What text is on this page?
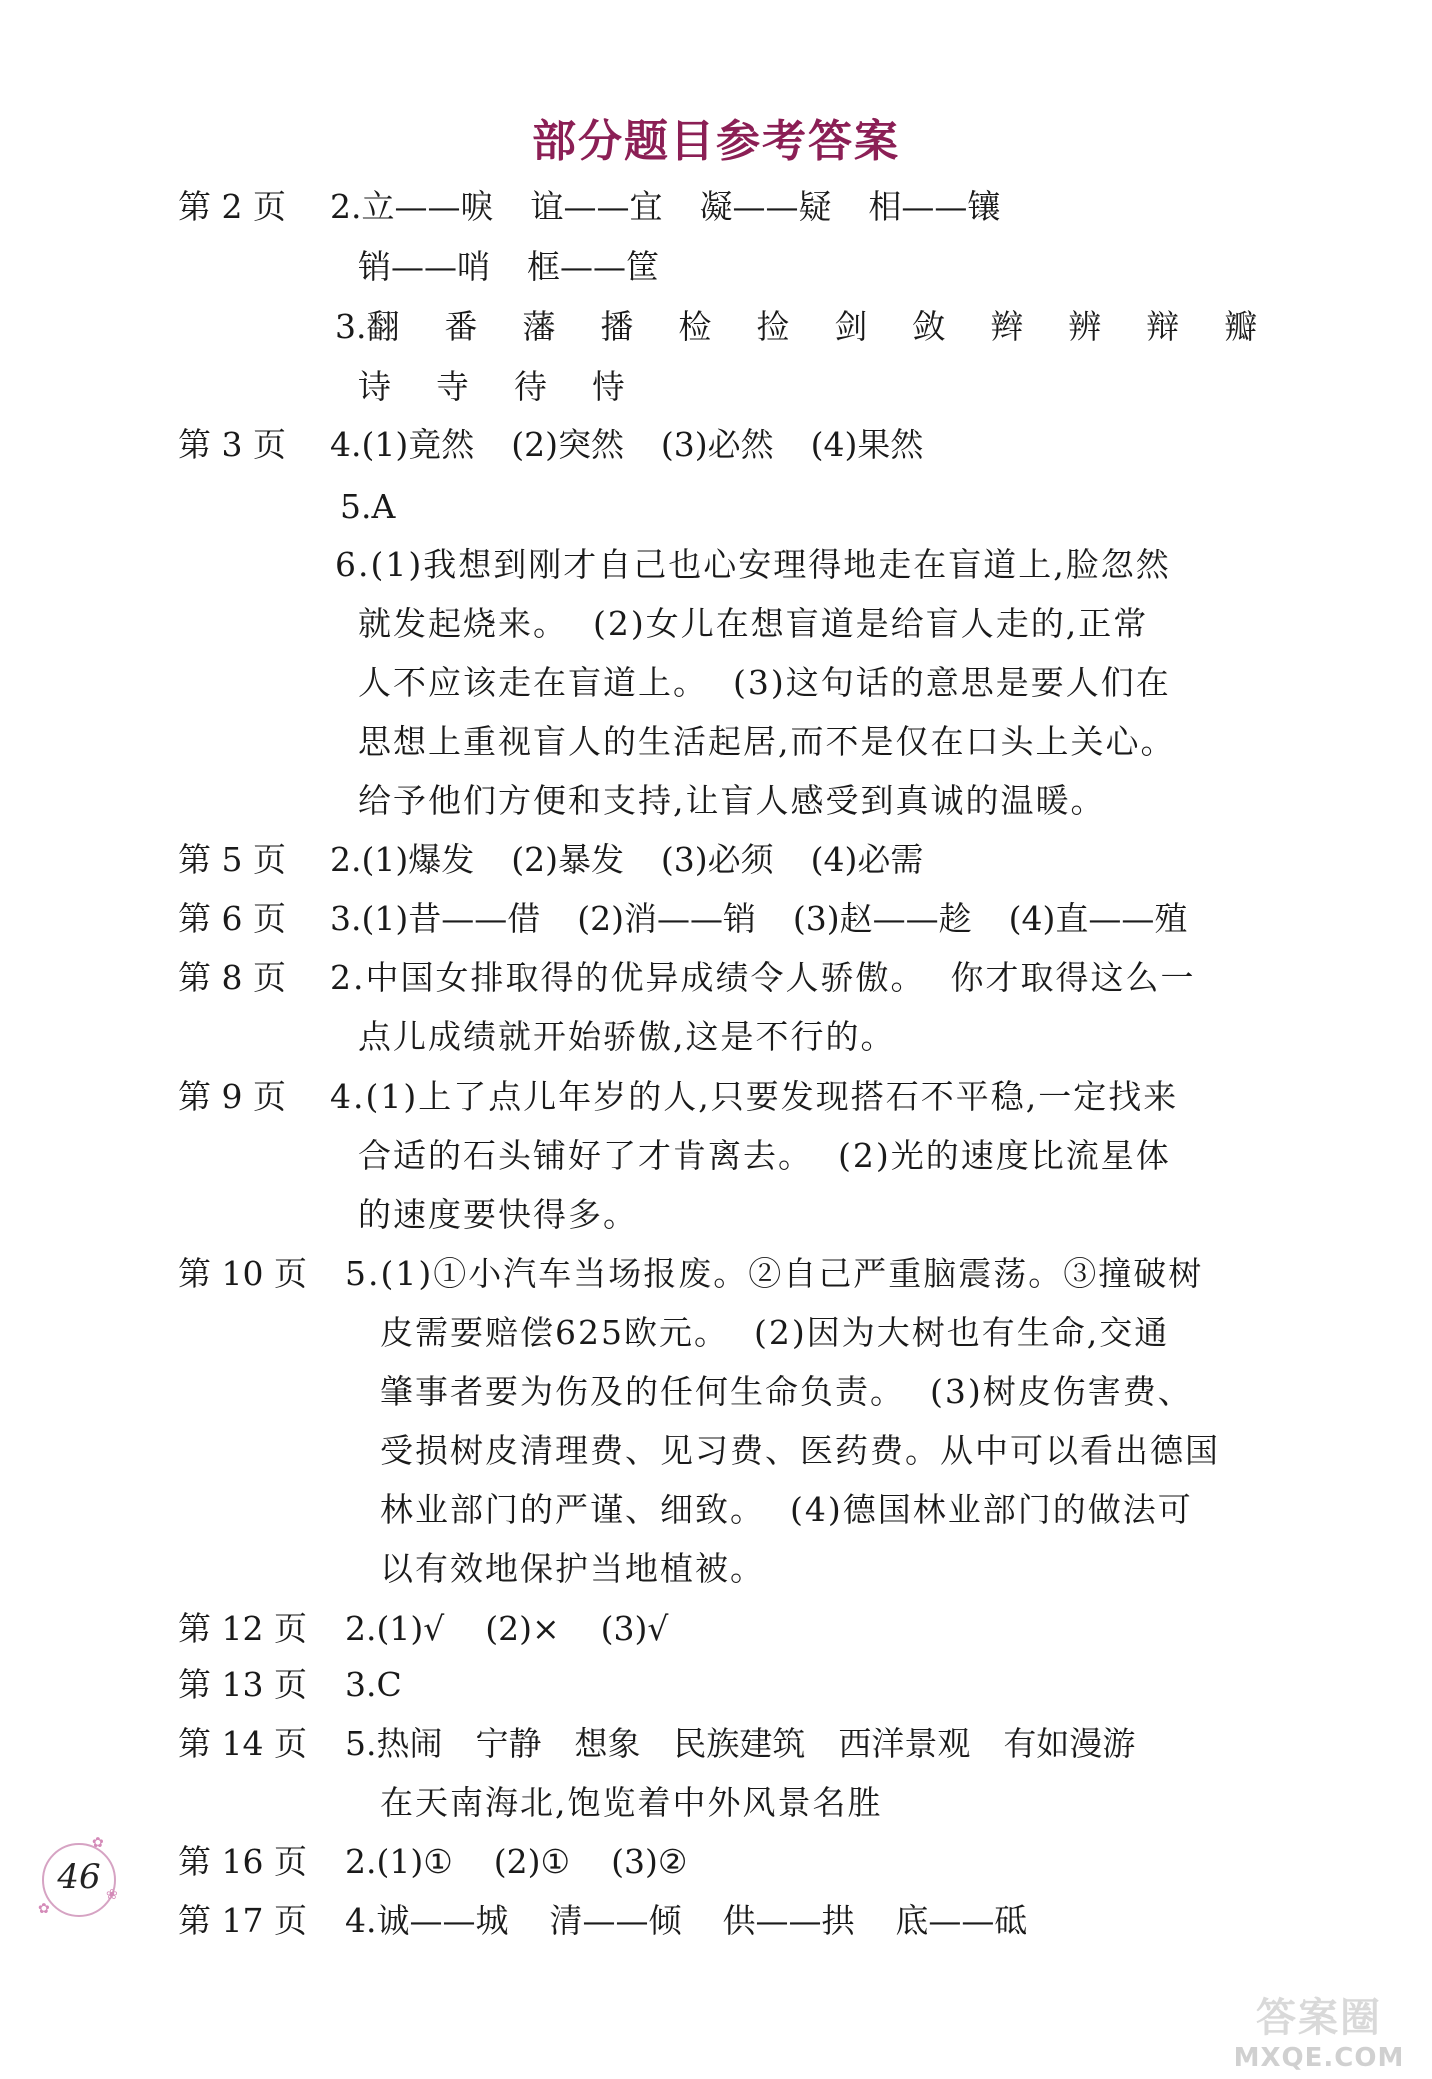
部分题目参考答案
第 2 页 2.立——唳  谊——宜  凝——疑  相——镶
销——哨  框——筐
3.翻  番  藩  播  检  捡  剑  敛  辫  辨  辩  瓣
诗  寺  待  恃
第 3 页 4.(1)竟然  (2)突然  (3)必然  (4)果然
5.A
6.(1)我想到刚才自己也心安理得地走在盲道上,脸忽然
就发起烧来。  (2)女儿在想盲道是给盲人走的,正常
人不应该走在盲道上。  (3)这句话的意思是要人们在
思想上重视盲人的生活起居,而不是仅在口头上关心。
给予他们方便和支持,让盲人感受到真诚的温暖。
第 5 页 2.(1)爆发  (2)暴发  (3)必须  (4)必需
第 6 页 3.(1)昔——借  (2)消——销  (3)赵——趁  (4)直——殖
第 8 页 2.中国女排取得的优异成绩令人骄傲。  你才取得这么一
点儿成绩就开始骄傲,这是不行的。
第 9 页 4.(1)上了点儿年岁的人,只要发现搭石不平稳,一定找来
合适的石头铺好了才肯离去。  (2)光的速度比流星体
的速度要快得多。
第 10 页 5.(1)①小汽车当场报废。②自己严重脑震荡。③撞破树
皮需要赔偿625欧元。  (2)因为大树也有生命,交通
肇事者要为伤及的任何生命负责。  (3)树皮伤害费、
受损树皮清理费、见习费、医药费。从中可以看出德国
林业部门的严谨、细致。  (4)德国林业部门的做法可
以有效地保护当地植被。
第 12 页 2.(1)√  (2)×  (3)√
第 13 页 3.C
第 14 页 5.热闹  宁静  想象  民族建筑  西洋景观  有如漫游
在天南海北,饱览着中外风景名胜
第 16 页 2.(1)①  (2)①  (3)②
第 17 页 4.诚——城  清——倾  供——拱  底——砥
✿
❀
✿
46
答案圈
MXQE.COM
